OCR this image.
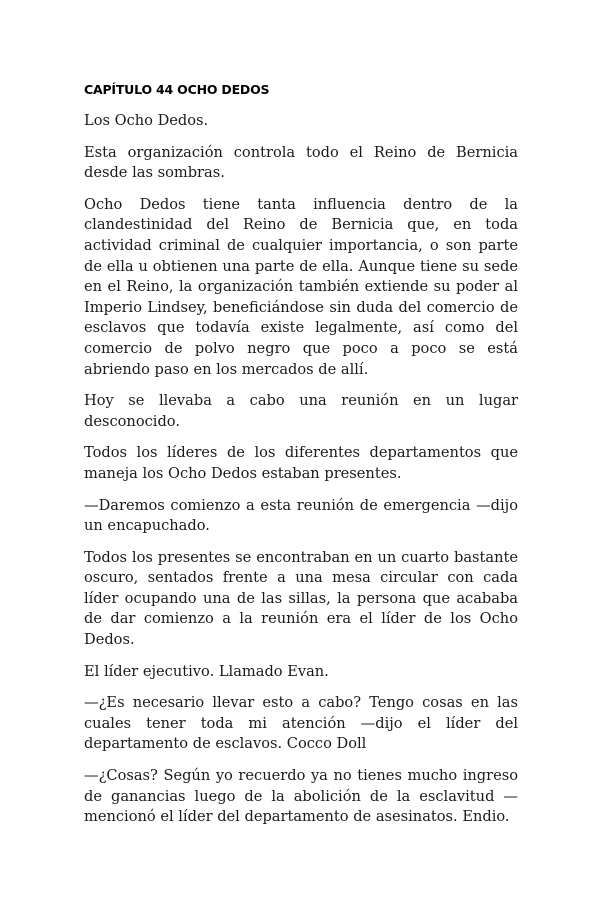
CAPÍTULO 44 OCHO DEDOS

Los Ocho Dedos.

Esta organización controla todo el Reino de Bernicia desde las sombras.

Ocho Dedos tiene tanta influencia dentro de la clandestinidad del Reino de Bernicia que, en toda actividad criminal de cualquier importancia, o son parte de ella u obtienen una parte de ella. Aunque tiene su sede en el Reino, la organización también extiende su poder al Imperio Lindsey, beneficiándose sin duda del comercio de esclavos que todavía existe legalmente, así como del comercio de polvo negro que poco a poco se está abriendo paso en los mercados de allí.

Hoy se llevaba a cabo una reunión en un lugar desconocido.

Todos los líderes de los diferentes departamentos que maneja los Ocho Dedos estaban presentes.

—Daremos comienzo a esta reunión de emergencia —dijo un encapuchado.

Todos los presentes se encontraban en un cuarto bastante oscuro, sentados frente a una mesa circular con cada líder ocupando una de las sillas, la persona que acababa de dar comienzo a la reunión era el líder de los Ocho Dedos.

El líder ejecutivo. Llamado Evan.

—¿Es necesario llevar esto a cabo? Tengo cosas en las cuales tener toda mi atención —dijo el líder del departamento de esclavos. Cocco Doll

—¿Cosas? Según yo recuerdo ya no tienes mucho ingreso de ganancias luego de la abolición de la esclavitud —mencionó el líder del departamento de asesinatos. Endio.
